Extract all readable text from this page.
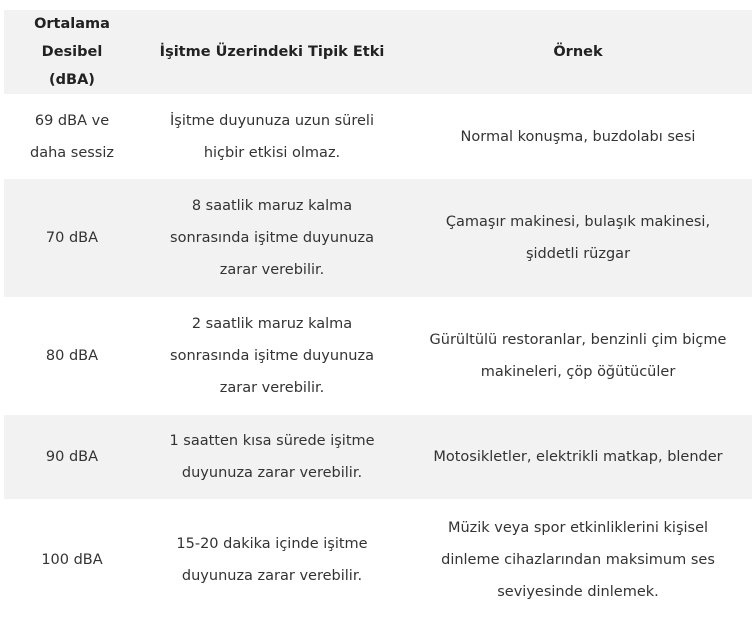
Ortalama Desibel (dBA)	İşitme Üzerindeki Tipik Etki	Örnek
69 dBA ve daha sessiz	İşitme duyunuza uzun süreli hiçbir etkisi olmaz.	Normal konuşma, buzdolabı sesi
70 dBA	8 saatlik maruz kalma sonrasında işitme duyunuza zarar verebilir.	Çamaşır makinesi, bulaşık makinesi, şiddetli rüzgar
80 dBA	2 saatlik maruz kalma sonrasında işitme duyunuza zarar verebilir.	Gürültülü restoranlar, benzinli çim biçme makineleri, çöp öğütücüler
90 dBA	1 saatten kısa sürede işitme duyunuza zarar verebilir.	Motosikletler, elektrikli matkap, blender
100 dBA	15-20 dakika içinde işitme duyunuza zarar verebilir.	Müzik veya spor etkinliklerini kişisel dinleme cihazlarından maksimum ses seviyesinde dinlemek.
